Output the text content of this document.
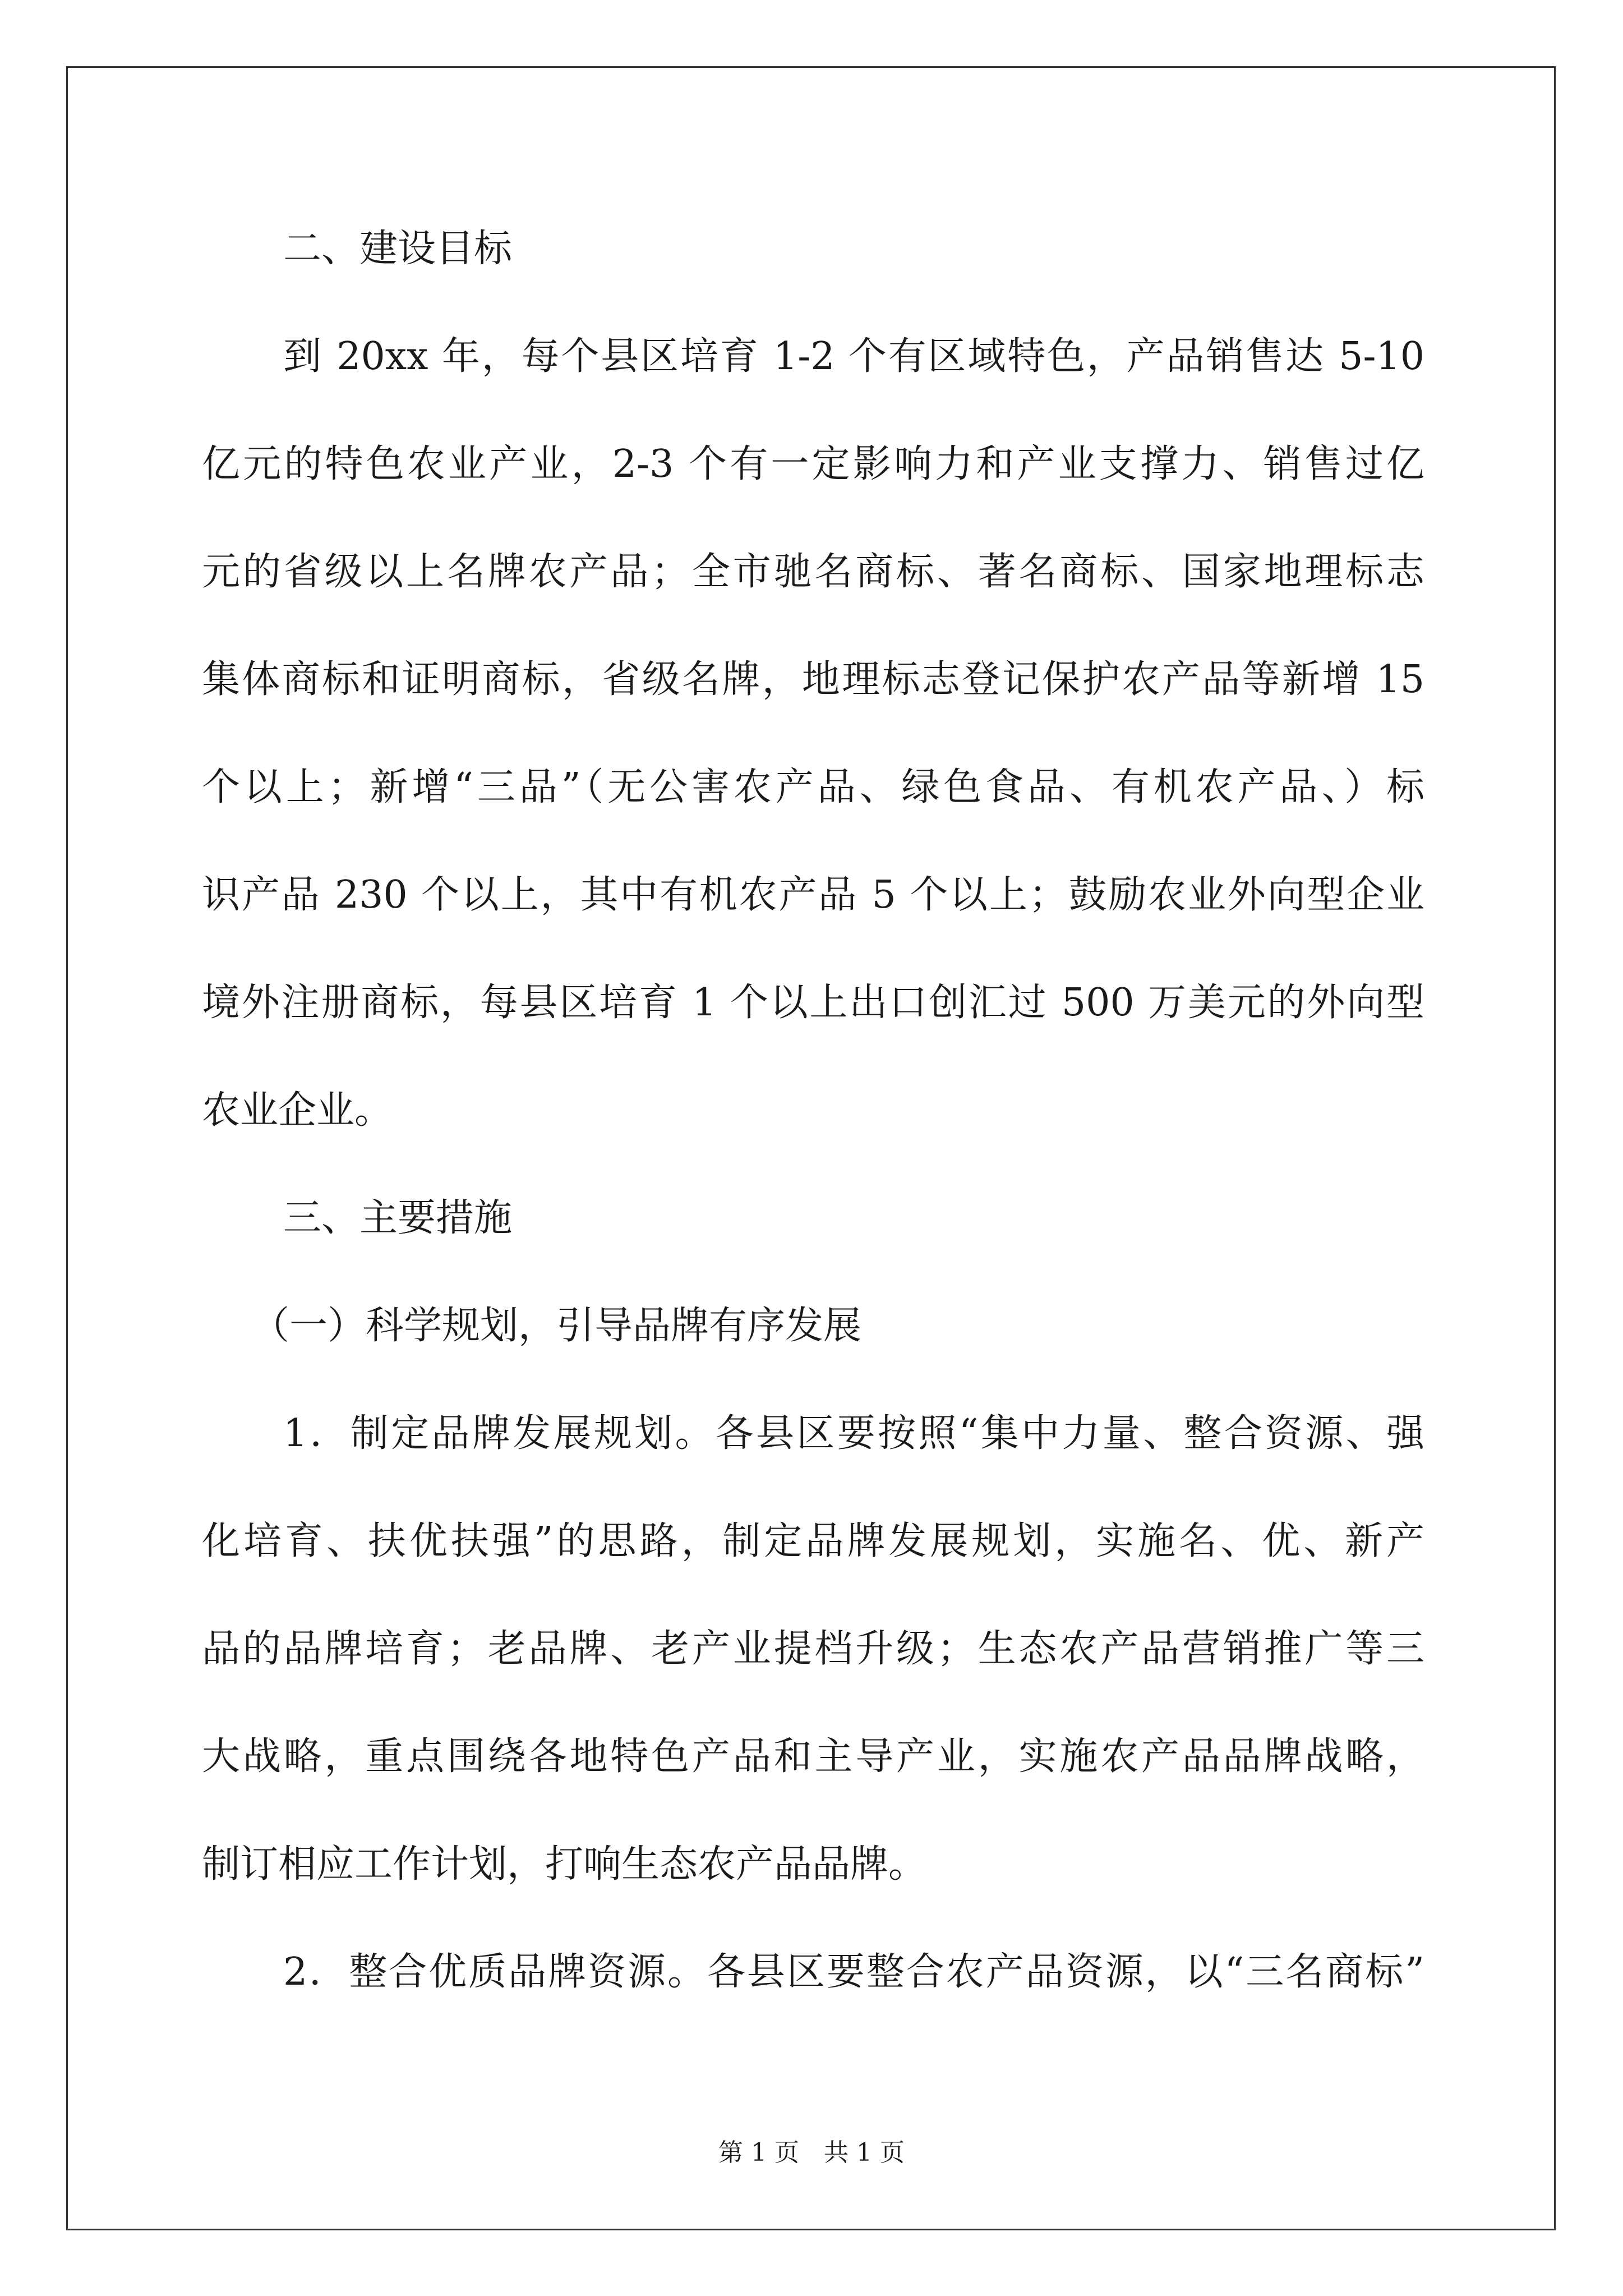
二、建设目标
到 20xx 年，每个县区培育 1-2 个有区域特色，产品销售达 5-10
亿元的特色农业产业，2-3 个有一定影响力和产业支撑力、销售过亿
元的省级以上名牌农产品；全市驰名商标、著名商标、国家地理标志
集体商标和证明商标，省级名牌，地理标志登记保护农产品等新增 15
个以上；新增“三品”（无公害农产品、绿色食品、有机农产品、）标
识产品 230 个以上，其中有机农产品 5 个以上；鼓励农业外向型企业
境外注册商标，每县区培育 1 个以上出口创汇过 500 万美元的外向型
农业企业。
三、主要措施
（一）科学规划，引导品牌有序发展
1．制定品牌发展规划。各县区要按照“集中力量、整合资源、强
化培育、扶优扶强”的思路，制定品牌发展规划，实施名、优、新产
品的品牌培育；老品牌、老产业提档升级；生态农产品营销推广等三
大战略，重点围绕各地特色产品和主导产业，实施农产品品牌战略，
制订相应工作计划，打响生态农产品品牌。
2．整合优质品牌资源。各县区要整合农产品资源，以“三名商标”
第 1 页　共 1 页
